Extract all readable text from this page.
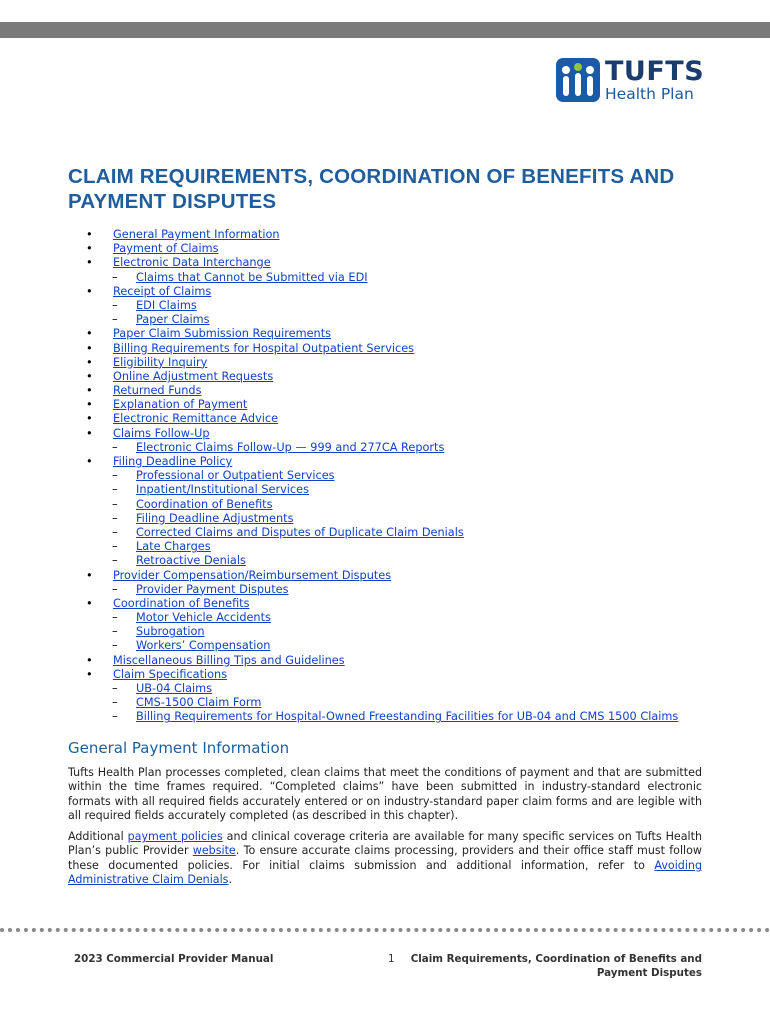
TUFTS
Health Plan
CLAIM REQUIREMENTS, COORDINATION OF BENEFITS AND PAYMENT DISPUTES
• General Payment Information
• Payment of Claims
• Electronic Data Interchange
– Claims that Cannot be Submitted via EDI
• Receipt of Claims
– EDI Claims
– Paper Claims
• Paper Claim Submission Requirements
• Billing Requirements for Hospital Outpatient Services
• Eligibility Inquiry
• Online Adjustment Requests
• Returned Funds
• Explanation of Payment
• Electronic Remittance Advice
• Claims Follow-Up
– Electronic Claims Follow-Up — 999 and 277CA Reports
• Filing Deadline Policy
– Professional or Outpatient Services
– Inpatient/Institutional Services
– Coordination of Benefits
– Filing Deadline Adjustments
– Corrected Claims and Disputes of Duplicate Claim Denials
– Late Charges
– Retroactive Denials
• Provider Compensation/Reimbursement Disputes
– Provider Payment Disputes
• Coordination of Benefits
– Motor Vehicle Accidents
– Subrogation
– Workers’ Compensation
• Miscellaneous Billing Tips and Guidelines
• Claim Specifications
– UB-04 Claims
– CMS-1500 Claim Form
– Billing Requirements for Hospital-Owned Freestanding Facilities for UB-04 and CMS 1500 Claims
General Payment Information

Tufts Health Plan processes completed, clean claims that meet the conditions of payment and that are submitted within the time frames required. “Completed claims” have been submitted in industry-standard electronic formats with all required fields accurately entered or on industry-standard paper claim forms and are legible with all required fields accurately completed (as described in this chapter).

Additional payment policies and clinical coverage criteria are available for many specific services on Tufts Health Plan’s public Provider website. To ensure accurate claims processing, providers and their office staff must follow these documented policies. For initial claims submission and additional information, refer to Avoiding Administrative Claim Denials.

2023 Commercial Provider Manual	1	Claim Requirements, Coordination of Benefits and Payment Disputes
